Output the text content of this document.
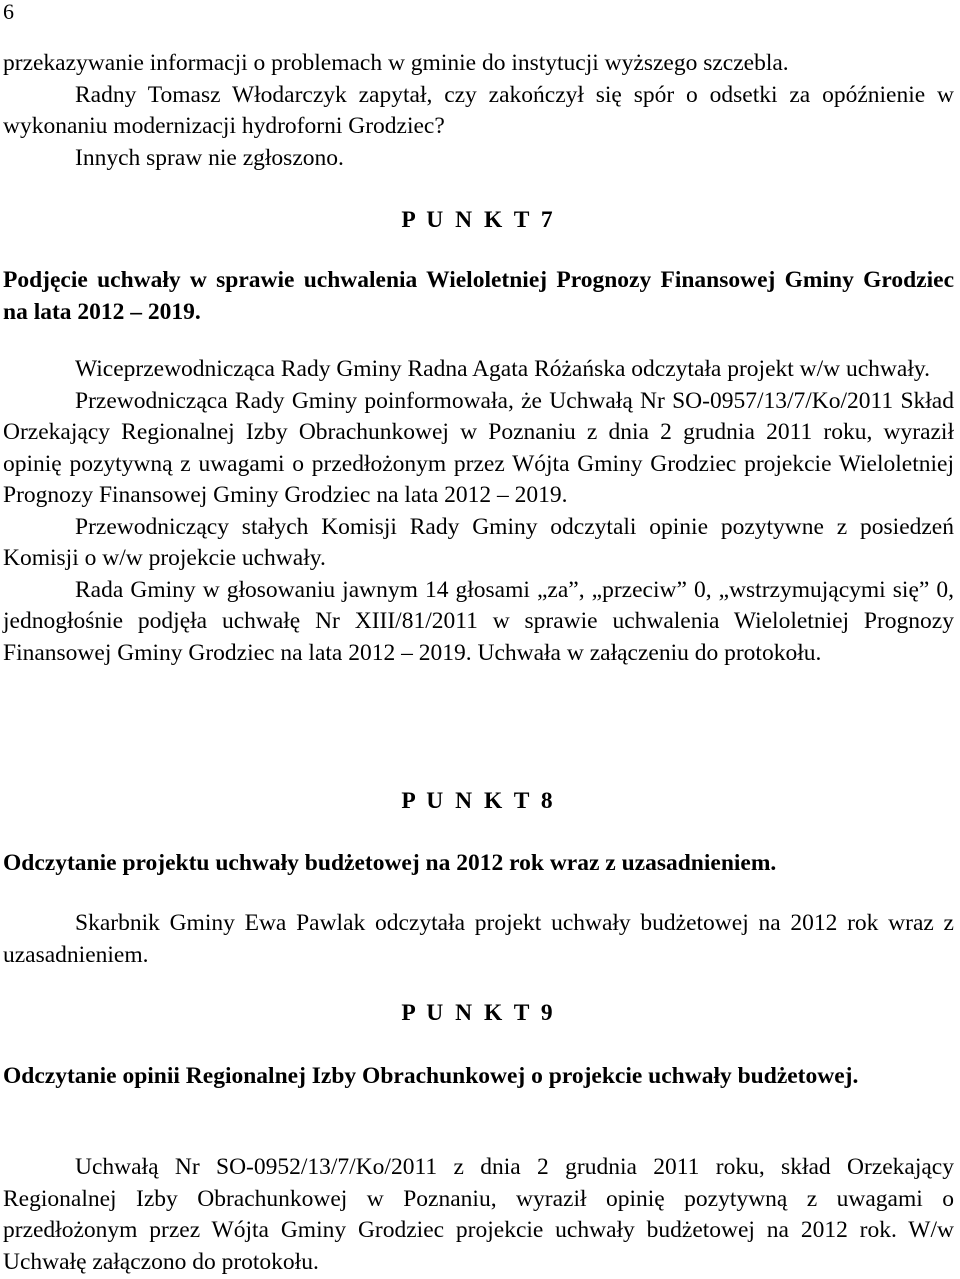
6

przekazywanie informacji o problemach w gminie do instytucji wyższego szczebla.

Radny Tomasz Włodarczyk zapytał, czy zakończył się spór o odsetki za opóźnienie w wykonaniu modernizacji hydroforni Grodziec?

Innych spraw nie zgłoszono.

P U N K T 7

Podjęcie uchwały w sprawie uchwalenia Wieloletniej Prognozy Finansowej Gminy Grodziec na lata 2012 – 2019.

Wiceprzewodnicząca Rady Gminy Radna Agata Różańska odczytała projekt w/w uchwały.

Przewodnicząca Rady Gminy poinformowała, że Uchwałą Nr SO-0957/13/7/Ko/2011 Skład Orzekający Regionalnej Izby Obrachunkowej w Poznaniu z dnia 2 grudnia 2011 roku, wyraził opinię pozytywną z uwagami o przedłożonym przez Wójta Gminy Grodziec projekcie Wieloletniej Prognozy Finansowej Gminy Grodziec na lata 2012 – 2019.

Przewodniczący stałych Komisji Rady Gminy odczytali opinie pozytywne z posiedzeń Komisji o w/w projekcie uchwały.

Rada Gminy w głosowaniu jawnym 14 głosami „za”, „przeciw” 0, „wstrzymującymi się” 0, jednogłośnie podjęła uchwałę Nr XIII/81/2011 w sprawie uchwalenia Wieloletniej Prognozy Finansowej Gminy Grodziec na lata 2012 – 2019. Uchwała w załączeniu do protokołu.

P U N K T 8

Odczytanie projektu uchwały budżetowej na 2012 rok wraz z uzasadnieniem.

Skarbnik Gminy Ewa Pawlak odczytała projekt uchwały budżetowej na 2012 rok wraz z uzasadnieniem.

P U N K T 9

Odczytanie opinii Regionalnej Izby Obrachunkowej o projekcie uchwały budżetowej.

Uchwałą Nr SO-0952/13/7/Ko/2011 z dnia 2 grudnia 2011 roku, skład Orzekający Regionalnej Izby Obrachunkowej w Poznaniu, wyraził opinię pozytywną z uwagami o przedłożonym przez Wójta Gminy Grodziec projekcie uchwały budżetowej na 2012 rok. W/w Uchwałę załączono do protokołu.
